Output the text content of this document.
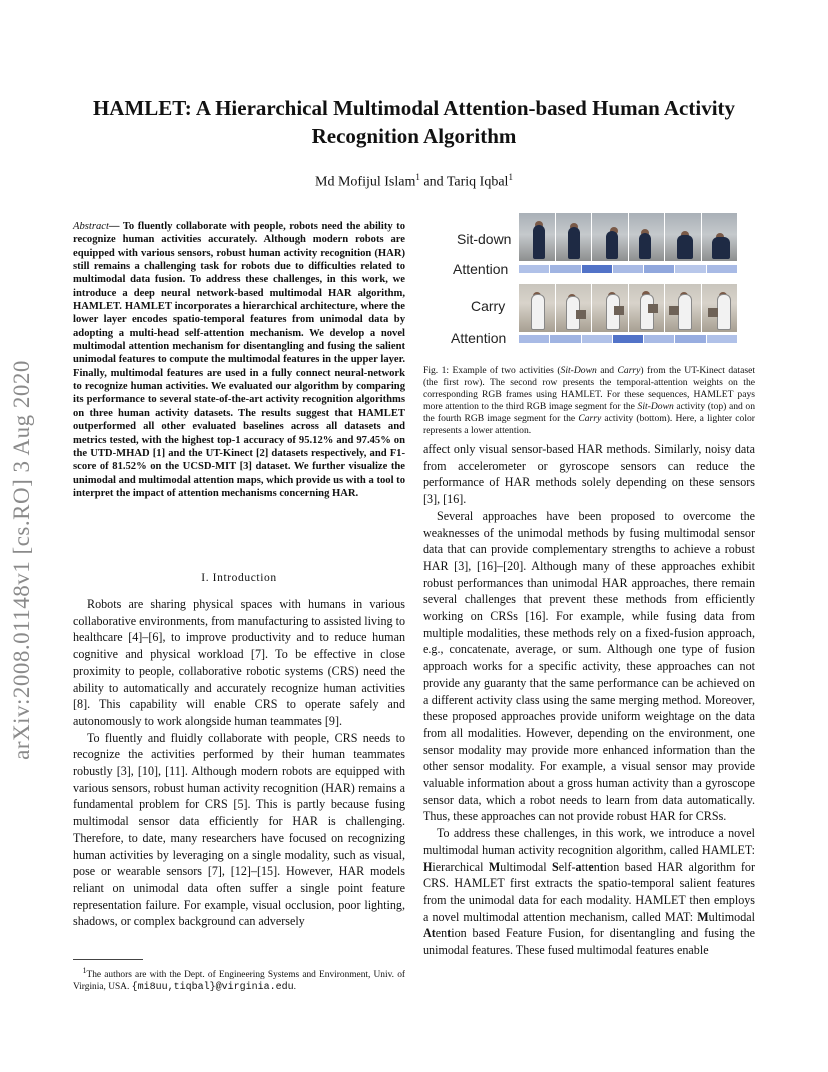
arXiv:2008.01148v1 [cs.RO] 3 Aug 2020
HAMLET: A Hierarchical Multimodal Attention-based Human Activity
Recognition Algorithm
Md Mofijul Islam$^1$ and Tariq Iqbal$^1$
Abstract— To fluently collaborate with people, robots need the ability to recognize human activities accurately. Although modern robots are equipped with various sensors, robust human activity recognition (HAR) still remains a challenging task for robots due to difficulties related to multimodal data fusion. To address these challenges, in this work, we introduce a deep neural network-based multimodal HAR algorithm, HAMLET. HAMLET incorporates a hierarchical architecture, where the lower layer encodes spatio-temporal features from unimodal data by adopting a multi-head self-attention mechanism. We develop a novel multimodal attention mechanism for disentangling and fusing the salient unimodal features to compute the multimodal features in the upper layer. Finally, multimodal features are used in a fully connect neural-network to recognize human activities. We evaluated our algorithm by comparing its performance to several state-of-the-art activity recognition algorithms on three human activity datasets. The results suggest that HAMLET outperformed all other evaluated baselines across all datasets and metrics tested, with the highest top-1 accuracy of 95.12% and 97.45% on the UTD-MHAD [1] and the UT-Kinect [2] datasets respectively, and F1-score of 81.52% on the UCSD-MIT [3] dataset. We further visualize the unimodal and multimodal attention maps, which provide us with a tool to interpret the impact of attention mechanisms concerning HAR.
I. Introduction

Robots are sharing physical spaces with humans in various collaborative environments, from manufacturing to assisted living to healthcare [4]–[6], to improve productivity and to reduce human cognitive and physical workload [7]. To be effective in close proximity to people, collaborative robotic systems (CRS) need the ability to automatically and accurately recognize human activities [8]. This capability will enable CRS to operate safely and autonomously to work alongside human teammates [9].

To fluently and fluidly collaborate with people, CRS needs to recognize the activities performed by their human teammates robustly [3], [10], [11]. Although modern robots are equipped with various sensors, robust human activity recognition (HAR) remains a fundamental problem for CRS [5]. This is partly because fusing multimodal sensor data efficiently for HAR is challenging. Therefore, to date, many researchers have focused on recognizing human activities by leveraging on a single modality, such as visual, pose or wearable sensors [7], [12]–[15]. However, HAR models reliant on unimodal data often suffer a single point feature representation failure. For example, visual occlusion, poor lighting, shadows, or complex background can adversely

$^1$The authors are with the Dept. of Engineering Systems and Environment, Univ. of Virginia, USA. {mi8uu,tiqbal}@virginia.edu.
Sit-down
Attention
Carry
Attention
Fig. 1: Example of two activities (Sit-Down and Carry) from the UT-Kinect dataset (the first row). The second row presents the temporal-attention weights on the corresponding RGB frames using HAMLET. For these sequences, HAMLET pays more attention to the third RGB image segment for the Sit-Down activity (top) and on the fourth RGB image segment for the Carry activity (bottom). Here, a lighter color represents a lower attention.

affect only visual sensor-based HAR methods. Similarly, noisy data from accelerometer or gyroscope sensors can reduce the performance of HAR methods solely depending on these sensors [3], [16].

Several approaches have been proposed to overcome the weaknesses of the unimodal methods by fusing multimodal sensor data that can provide complementary strengths to achieve a robust HAR [3], [16]–[20]. Although many of these approaches exhibit robust performances than unimodal HAR approaches, there remain several challenges that prevent these methods from efficiently working on CRSs [16]. For example, while fusing data from multiple modalities, these methods rely on a fixed-fusion approach, e.g., concatenate, average, or sum. Although one type of fusion approach works for a specific activity, these approaches can not provide any guaranty that the same performance can be achieved on a different activity class using the same merging method. Moreover, these proposed approaches provide uniform weightage on the data from all modalities. However, depending on the environment, one sensor modality may provide more enhanced information than the other sensor modality. For example, a visual sensor may provide valuable information about a gross human activity than a gyroscope sensor data, which a robot needs to learn from data automatically. Thus, these approaches can not provide robust HAR for CRSs.

To address these challenges, in this work, we introduce a novel multimodal human activity recognition algorithm, called HAMLET: Hierarchical Multimodal Self-attention based HAR algorithm for CRS. HAMLET first extracts the spatio-temporal salient features from the unimodal data for each modality. HAMLET then employs a novel multimodal attention mechanism, called MAT: Multimodal Atention based Feature Fusion, for disentangling and fusing the unimodal features. These fused multimodal features enable
